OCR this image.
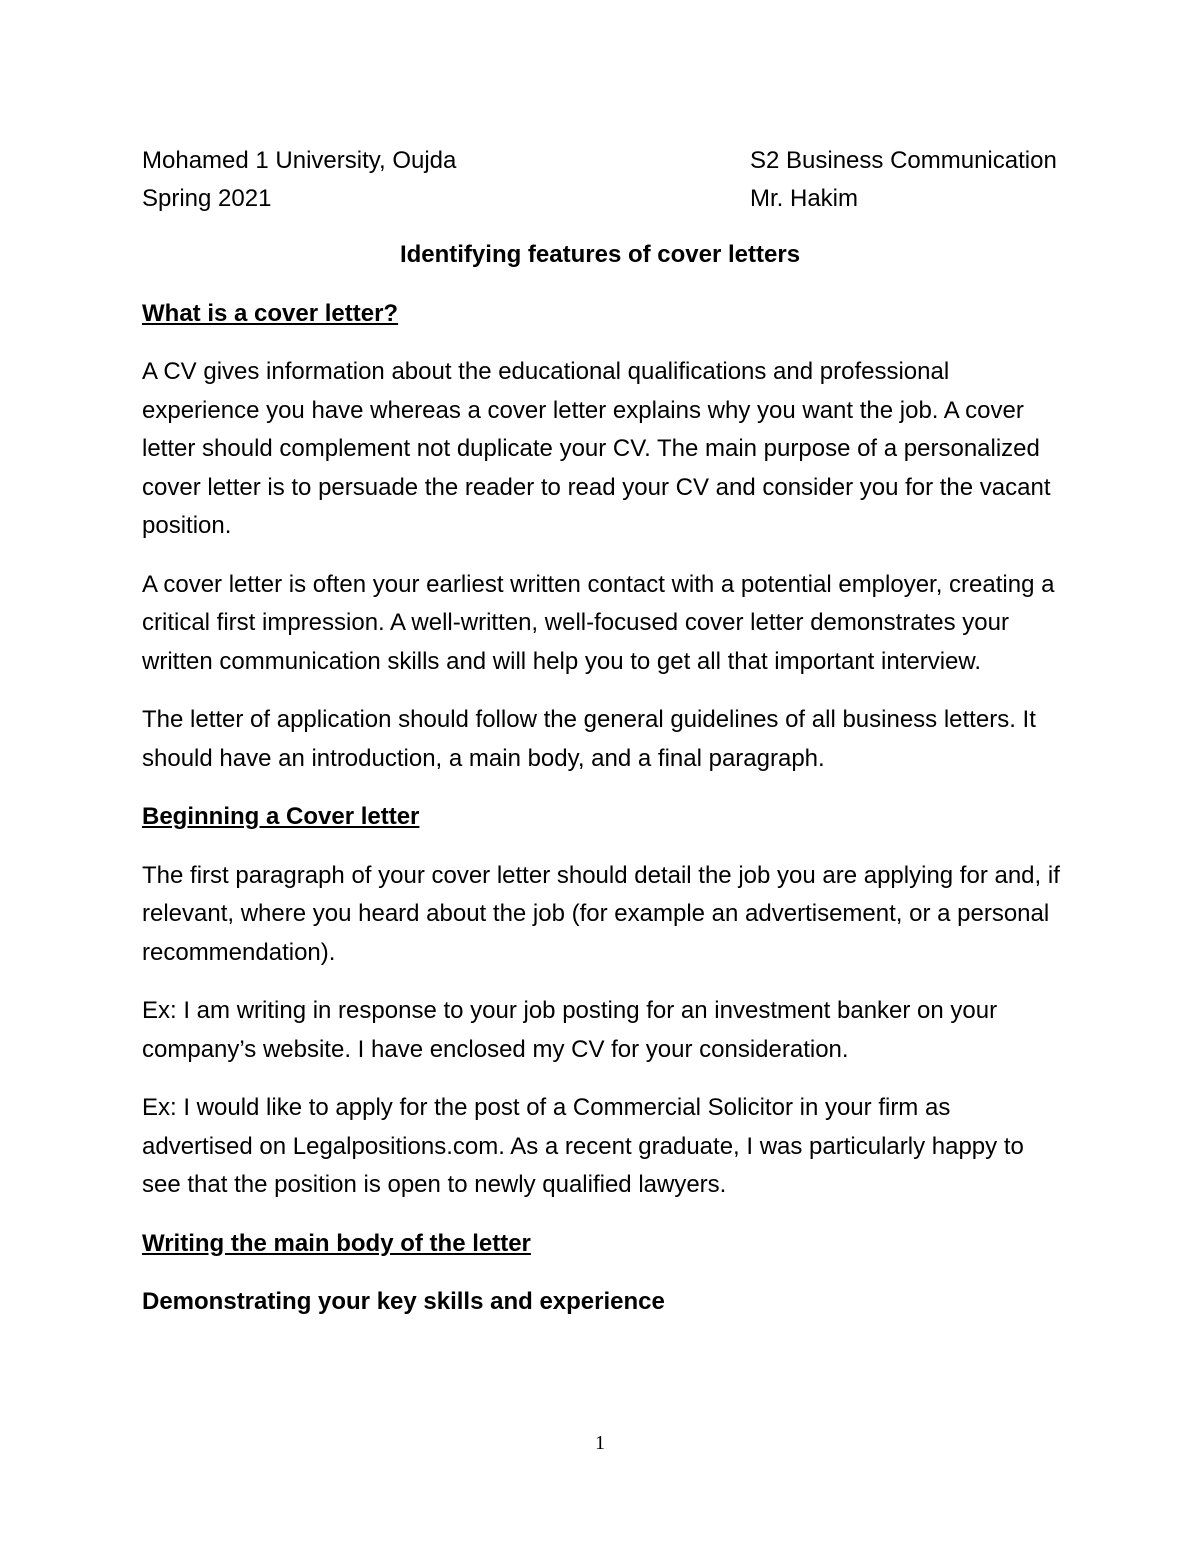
Mohamed 1 University, Oujda	S2 Business Communication
Spring 2021	Mr. Hakim

Identifying features of cover letters

What is a cover letter?

A CV gives information about the educational qualifications and professional experience you have whereas a cover letter explains why you want the job. A cover letter should complement not duplicate your CV. The main purpose of a personalized cover letter is to persuade the reader to read your CV and consider you for the vacant position.

A cover letter is often your earliest written contact with a potential employer, creating a critical first impression. A well-written, well-focused cover letter demonstrates your written communication skills and will help you to get all that important interview.

The letter of application should follow the general guidelines of all business letters. It should have an introduction, a main body, and a final paragraph.

Beginning a Cover letter

The first paragraph of your cover letter should detail the job you are applying for and, if relevant, where you heard about the job (for example an advertisement, or a personal recommendation).

Ex: I am writing in response to your job posting for an investment banker on your company’s website. I have enclosed my CV for your consideration.

Ex: I would like to apply for the post of a Commercial Solicitor in your firm as advertised on Legalpositions.com. As a recent graduate, I was particularly happy to see that the position is open to newly qualified lawyers.

Writing the main body of the letter

Demonstrating your key skills and experience

1
